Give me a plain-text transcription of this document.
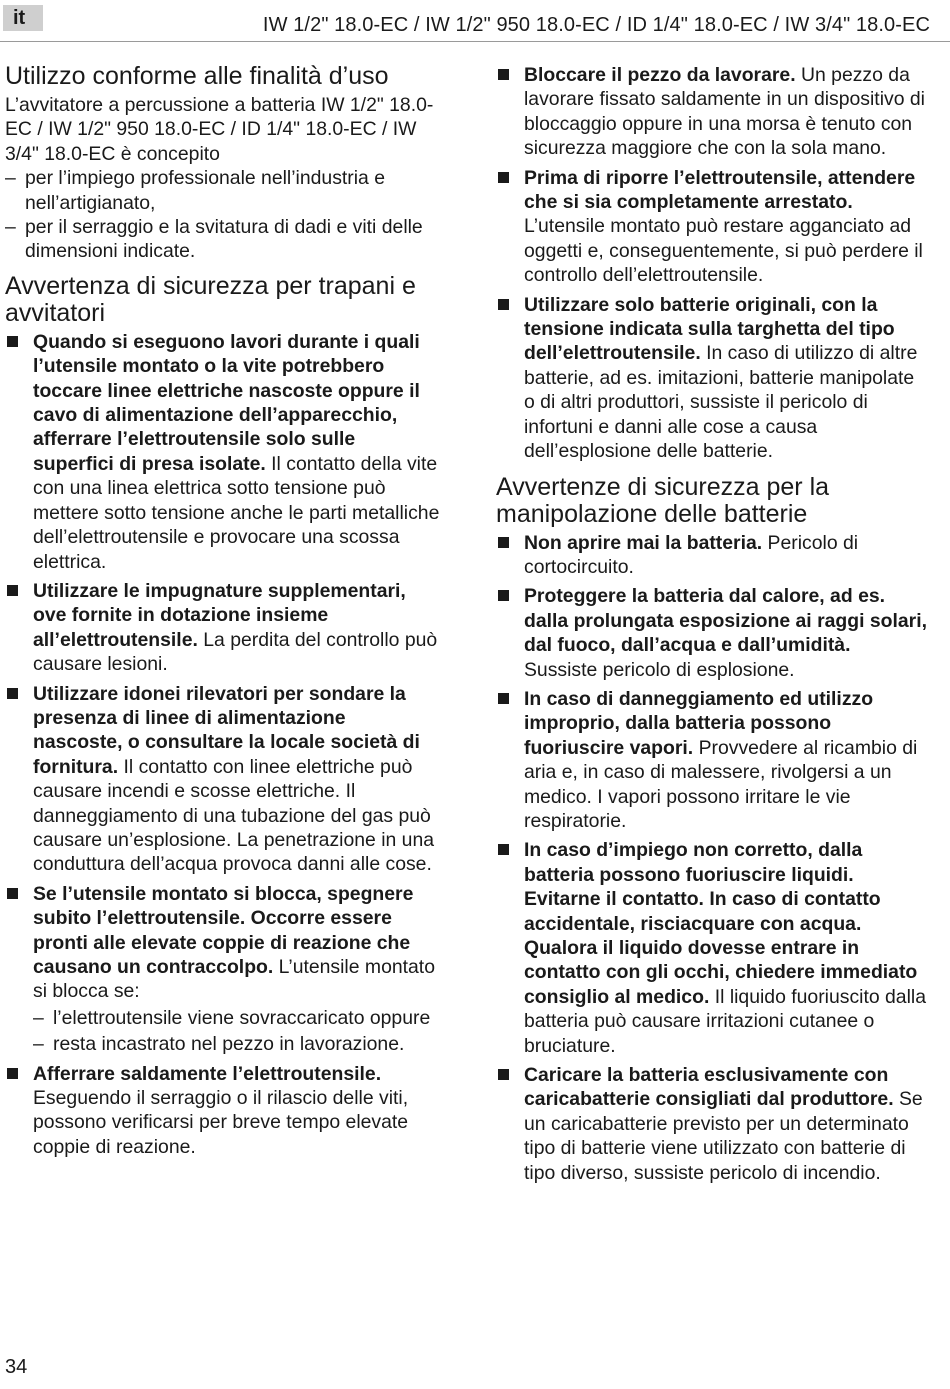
it	IW 1/2" 18.0-EC / IW 1/2" 950 18.0-EC / ID 1/4" 18.0-EC / IW 3/4" 18.0-EC
Utilizzo conforme alle finalità d’uso

L’avvitatore a percussione a batteria IW 1/2" 18.0-EC / IW 1/2" 950 18.0-EC / ID 1/4" 18.0-EC / IW 3/4" 18.0-EC è concepito

– per l’impiego professionale nell’industria e nell’artigianato,

– per il serraggio e la svitatura di dadi e viti delle dimensioni indicate.

Avvertenza di sicurezza per trapani e avvitatori
Quando si eseguono lavori durante i quali l’utensile montato o la vite potrebbero toccare linee elettriche nascoste oppure il cavo di alimentazione dell’apparecchio, afferrare l’elettroutensile solo sulle superfici di presa isolate. Il contatto della vite con una linea elettrica sotto tensione può mettere sotto tensione anche le parti metalliche dell’elettroutensile e provocare una scossa elettrica.
Utilizzare le impugnature supplementari, ove fornite in dotazione insieme all’elettroutensile. La perdita del controllo può causare lesioni.
Utilizzare idonei rilevatori per sondare la presenza di linee di alimentazione nascoste, o consultare la locale società di fornitura. Il contatto con linee elettriche può causare incendi e scosse elettriche. Il danneggiamento di una tubazione del gas può causare un’esplosione. La penetrazione in una conduttura dell’acqua provoca danni alle cose.
Se l’utensile montato si blocca, spegnere subito l’elettroutensile. Occorre essere pronti alle elevate coppie di reazione che causano un contraccolpo. L’utensile montato si blocca se:
– l’elettroutensile viene sovraccaricato oppure
– resta incastrato nel pezzo in lavorazione.
Afferrare saldamente l’elettroutensile. Eseguendo il serraggio o il rilascio delle viti, possono verificarsi per breve tempo elevate coppie di reazione.
Bloccare il pezzo da lavorare. Un pezzo da lavorare fissato saldamente in un dispositivo di bloccaggio oppure in una morsa è tenuto con sicurezza maggiore che con la sola mano.
Prima di riporre l’elettroutensile, attendere che si sia completamente arrestato. L’utensile montato può restare agganciato ad oggetti e, conseguentemente, si può perdere il controllo dell’elettroutensile.
Utilizzare solo batterie originali, con la tensione indicata sulla targhetta del tipo dell’elettroutensile. In caso di utilizzo di altre batterie, ad es. imitazioni, batterie manipolate o di altri produttori, sussiste il pericolo di infortuni e danni alle cose a causa dell’esplosione delle batterie.
Avvertenze di sicurezza per la manipolazione delle batterie
Non aprire mai la batteria. Pericolo di cortocircuito.
Proteggere la batteria dal calore, ad es. dalla prolungata esposizione ai raggi solari, dal fuoco, dall’acqua e dall’umidità. Sussiste pericolo di esplosione.
In caso di danneggiamento ed utilizzo improprio, dalla batteria possono fuoriuscire vapori. Provvedere al ricambio di aria e, in caso di malessere, rivolgersi a un medico. I vapori possono irritare le vie respiratorie.
In caso d’impiego non corretto, dalla batteria possono fuoriuscire liquidi. Evitarne il contatto. In caso di contatto accidentale, risciacquare con acqua. Qualora il liquido dovesse entrare in contatto con gli occhi, chiedere immediato consiglio al medico. Il liquido fuoriuscito dalla batteria può causare irritazioni cutanee o bruciature.
Caricare la batteria esclusivamente con caricabatterie consigliati dal produttore. Se un caricabatterie previsto per un determinato tipo di batterie viene utilizzato con batterie di tipo diverso, sussiste pericolo di incendio.
34
